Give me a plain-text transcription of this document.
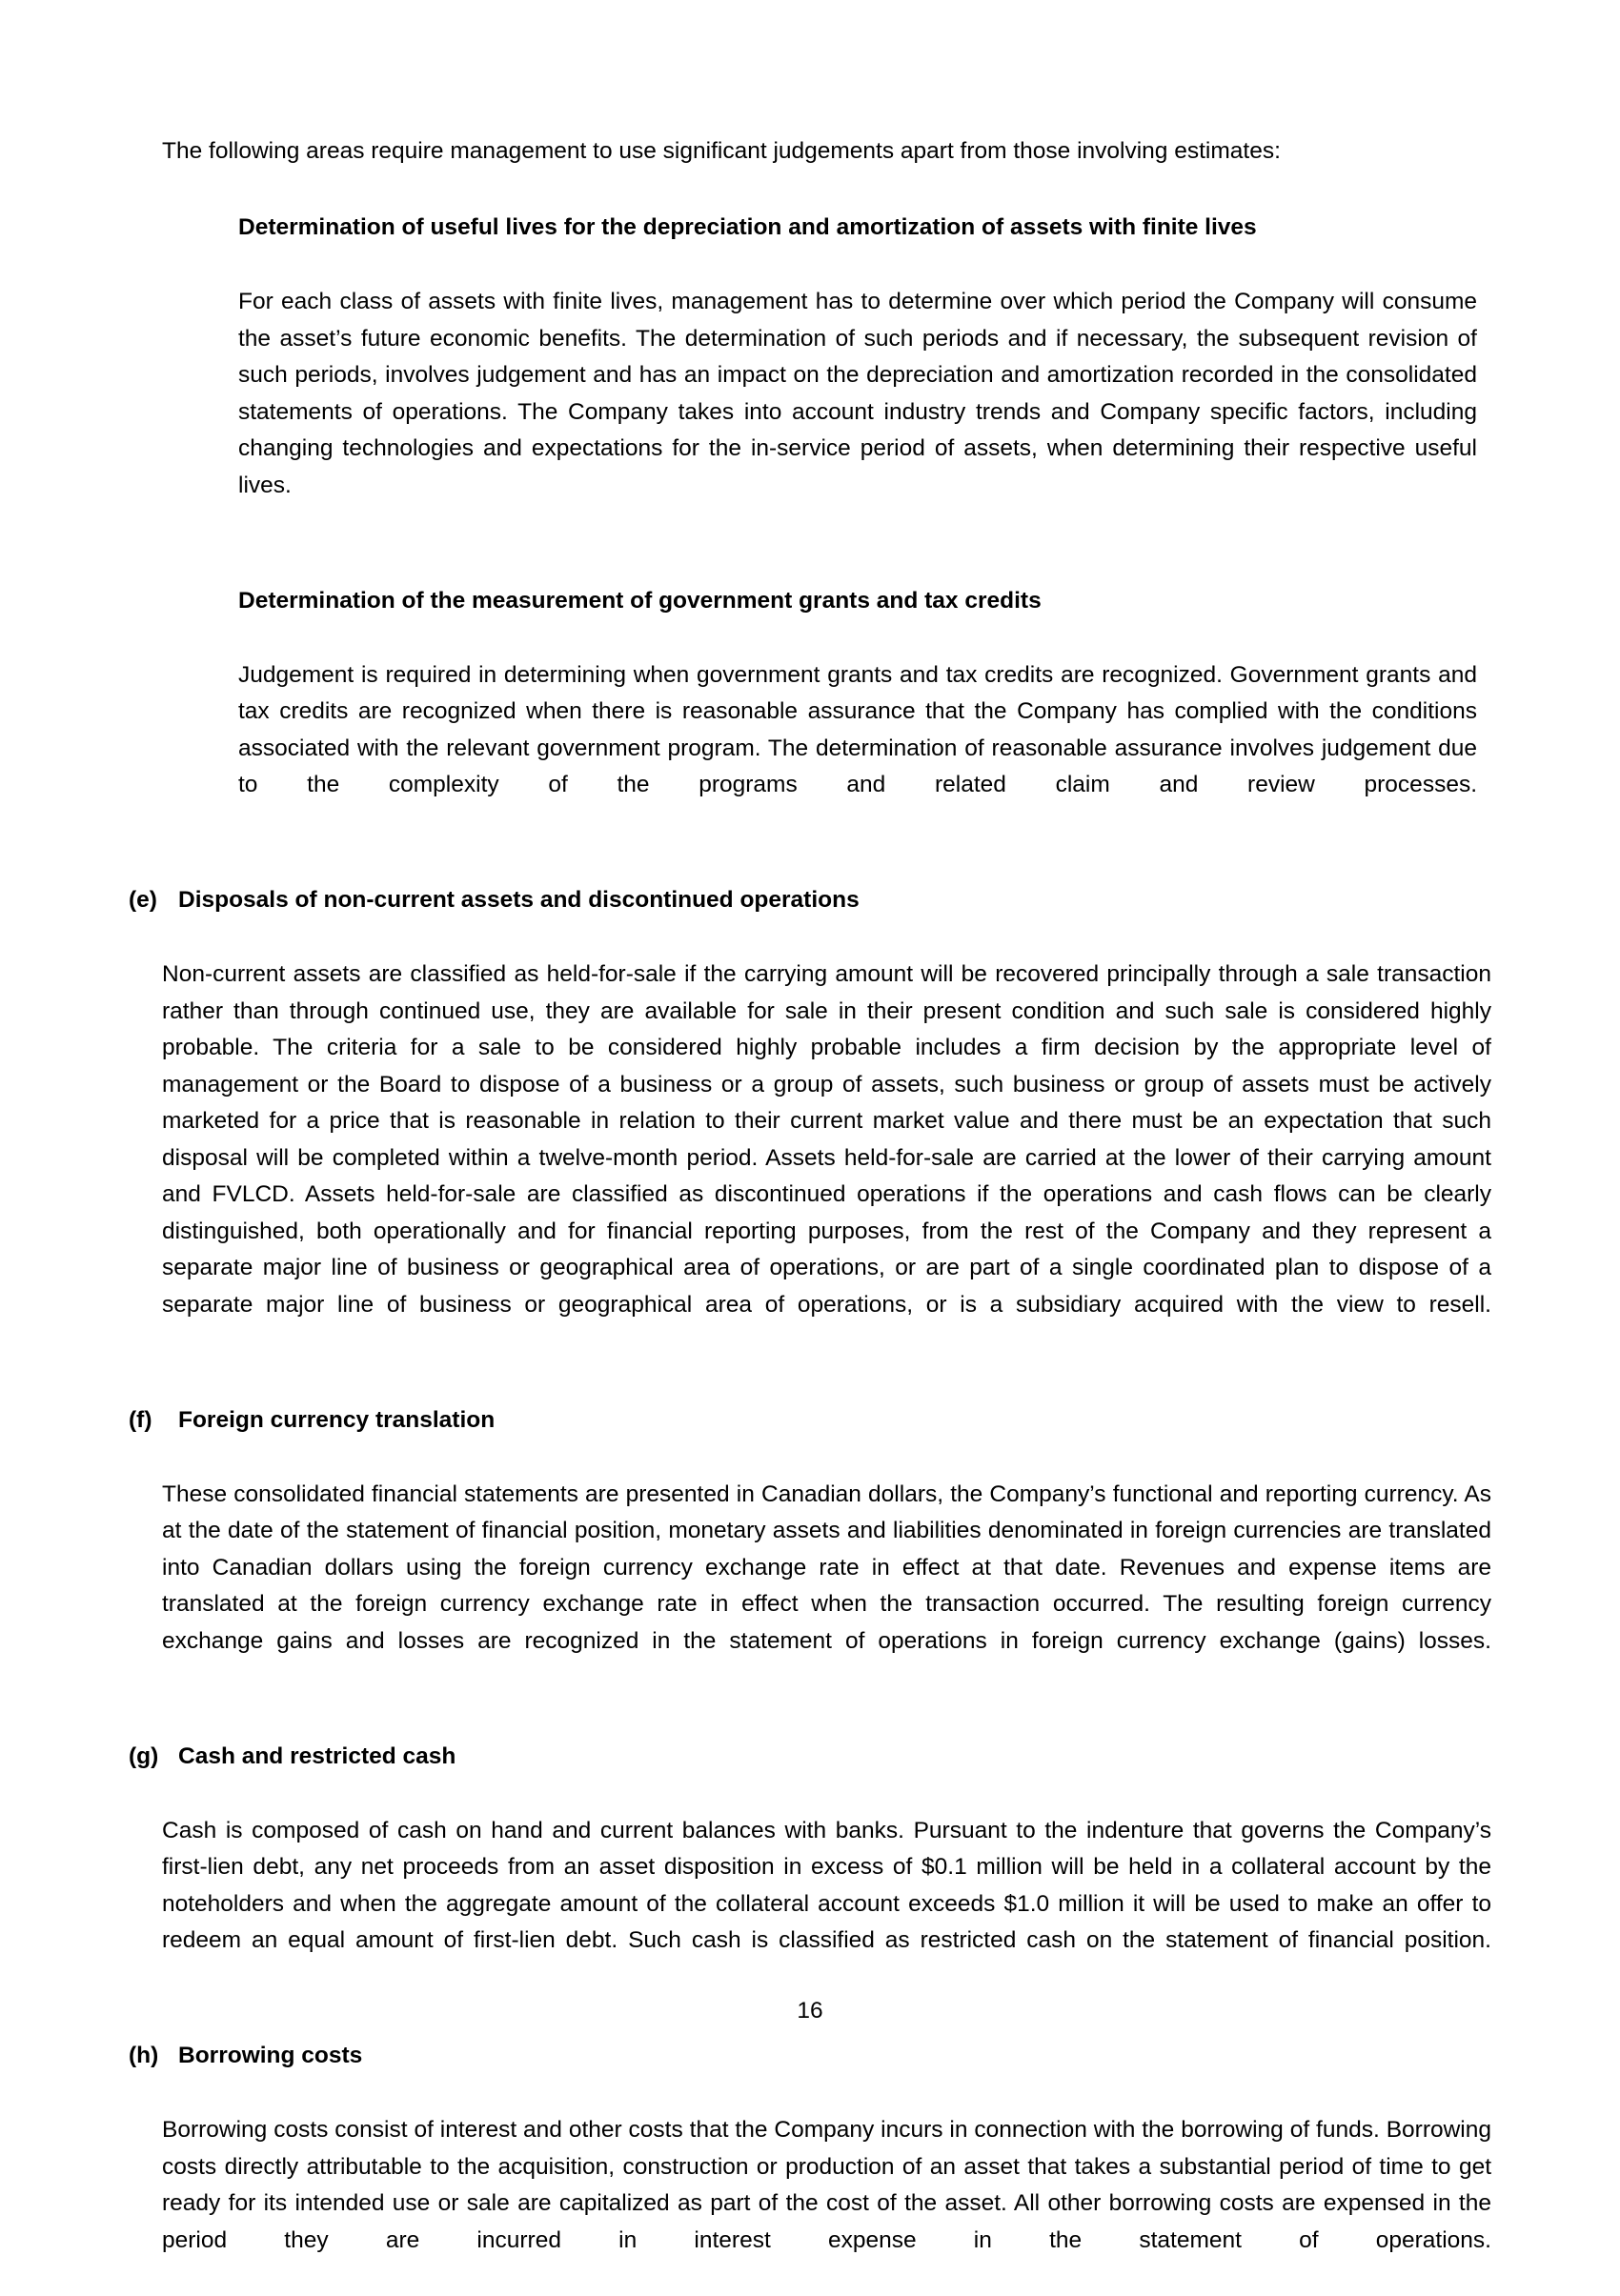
The following areas require management to use significant judgements apart from those involving estimates:

Determination of useful lives for the depreciation and amortization of assets with finite lives

For each class of assets with finite lives, management has to determine over which period the Company will consume the asset’s future economic benefits. The determination of such periods and if necessary, the subsequent revision of such periods, involves judgement and has an impact on the depreciation and amortization recorded in the consolidated statements of operations. The Company takes into account industry trends and Company specific factors, including changing technologies and expectations for the in-service period of assets, when determining their respective useful lives.

Determination of the measurement of government grants and tax credits

Judgement is required in determining when government grants and tax credits are recognized. Government grants and tax credits are recognized when there is reasonable assurance that the Company has complied with the conditions associated with the relevant government program. The determination of reasonable assurance involves judgement due to the complexity of the programs and related claim and review processes.

(e) Disposals of non-current assets and discontinued operations

Non-current assets are classified as held-for-sale if the carrying amount will be recovered principally through a sale transaction rather than through continued use, they are available for sale in their present condition and such sale is considered highly probable. The criteria for a sale to be considered highly probable includes a firm decision by the appropriate level of management or the Board to dispose of a business or a group of assets, such business or group of assets must be actively marketed for a price that is reasonable in relation to their current market value and there must be an expectation that such disposal will be completed within a twelve-month period. Assets held-for-sale are carried at the lower of their carrying amount and FVLCD. Assets held-for-sale are classified as discontinued operations if the operations and cash flows can be clearly distinguished, both operationally and for financial reporting purposes, from the rest of the Company and they represent a separate major line of business or geographical area of operations, or are part of a single coordinated plan to dispose of a separate major line of business or geographical area of operations, or is a subsidiary acquired with the view to resell.

(f)	Foreign currency translation

These consolidated financial statements are presented in Canadian dollars, the Company’s functional and reporting currency. As at the date of the statement of financial position, monetary assets and liabilities denominated in foreign currencies are translated into Canadian dollars using the foreign currency exchange rate in effect at that date. Revenues and expense items are translated at the foreign currency exchange rate in effect when the transaction occurred. The resulting foreign currency exchange gains and losses are recognized in the statement of operations in foreign currency exchange (gains) losses.

(g) Cash and restricted cash

Cash is composed of cash on hand and current balances with banks. Pursuant to the indenture that governs the Company’s first-lien debt, any net proceeds from an asset disposition in excess of $0.1 million will be held in a collateral account by the noteholders and when the aggregate amount of the collateral account exceeds $1.0 million it will be used to make an offer to redeem an equal amount of first-lien debt. Such cash is classified as restricted cash on the statement of financial position.

(h) Borrowing costs

Borrowing costs consist of interest and other costs that the Company incurs in connection with the borrowing of funds. Borrowing costs directly attributable to the acquisition, construction or production of an asset that takes a substantial period of time to get ready for its intended use or sale are capitalized as part of the cost of the asset. All other borrowing costs are expensed in the period they are incurred in interest expense in the statement of operations.

16
